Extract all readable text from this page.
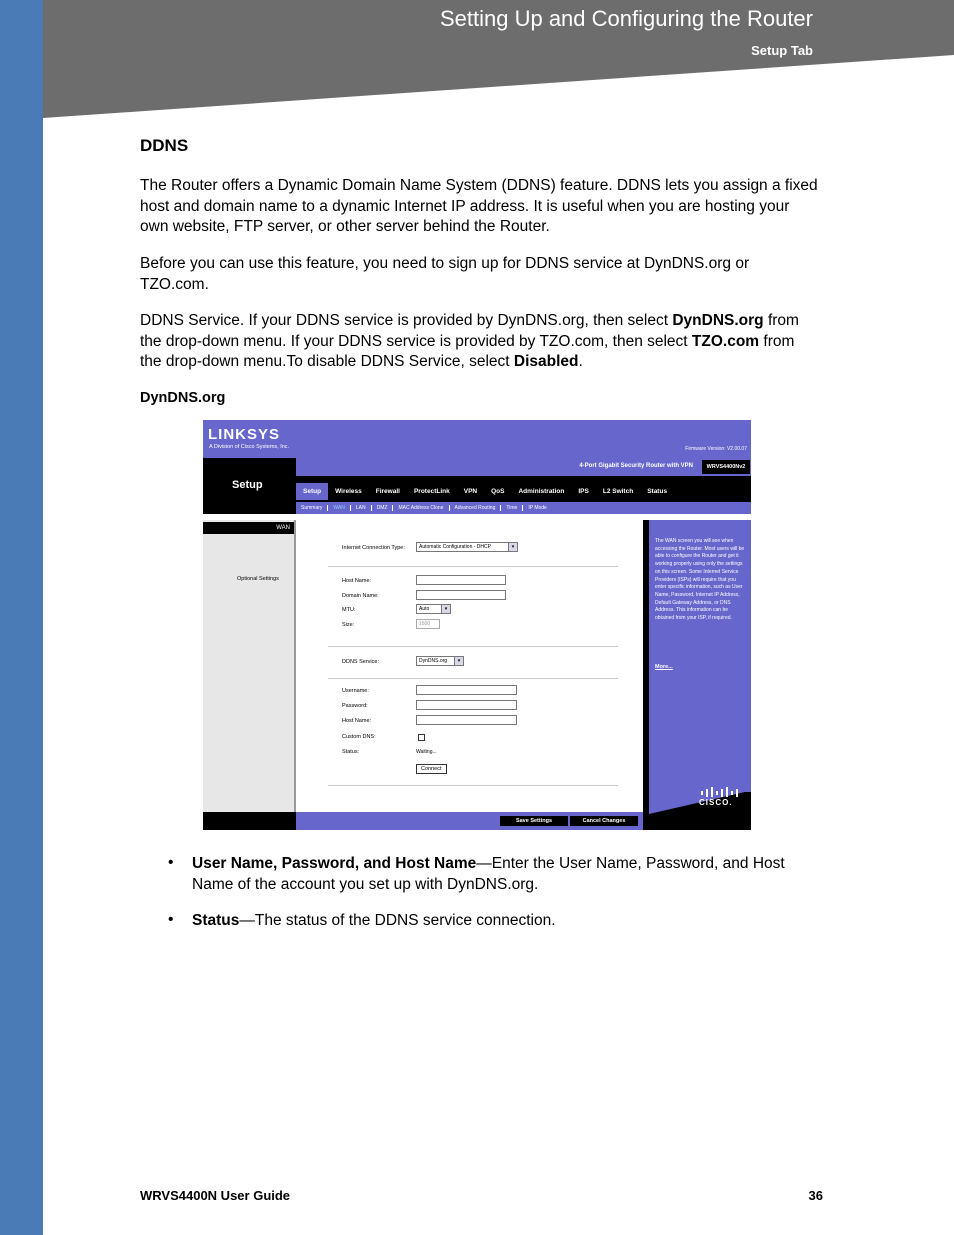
Setting Up and Configuring the Router
Setup Tab
DDNS

The Router offers a Dynamic Domain Name System (DDNS) feature. DDNS lets you assign a fixed host and domain name to a dynamic Internet IP address. It is useful when you are hosting your own website, FTP server, or other server behind the Router.

Before you can use this feature, you need to sign up for DDNS service at DynDNS.org or TZO.com.

DDNS Service. If your DDNS service is provided by DynDNS.org, then select DynDNS.org from the drop-down menu. If your DDNS service is provided by TZO.com, then select TZO.com from the drop-down menu.To disable DDNS Service, select Disabled.

DynDNS.org
LINKSYS
A Division of Cisco Systems, Inc.	Firmware Version: V2.00.07
4-Port Gigabit Security Router with VPN	WRVS4400Nv2
Setup	Setup	Wireless	Firewall	ProtectLink	VPN	QoS	Administration	IPS	L2 Switch	Status
Summary	WAN	LAN	DMZ	MAC Address Clone	Advanced Routing	Time	IP Mode
WAN
Optional Settings
Internet Connection Type:	Automatic Configuration - DHCP	▾
Host Name:
Domain Name:
MTU:	Auto	▾
Size:	1500
DDNS Service:	DynDNS.org	▾
Username:
Password:
Host Name:
Custom DNS:
Status:	Waiting...
Connect

The WAN screen you will see when accessing the Router. Most users will be able to configure the Router and get it working properly using only the settings on this screen. Some Internet Service Providers (ISPs) will require that you enter specific information, such as User Name, Password, Internet IP Address, Default Gateway Address, or DNS Address. This information can be obtained from your ISP, if required.

More...
CISCO.
Save Settings	Cancel Changes
• User Name, Password, and Host Name—Enter the User Name, Password, and Host Name of the account you set up with DynDNS.org.

• Status—The status of the DDNS service connection.

WRVS4400N User Guide	36
